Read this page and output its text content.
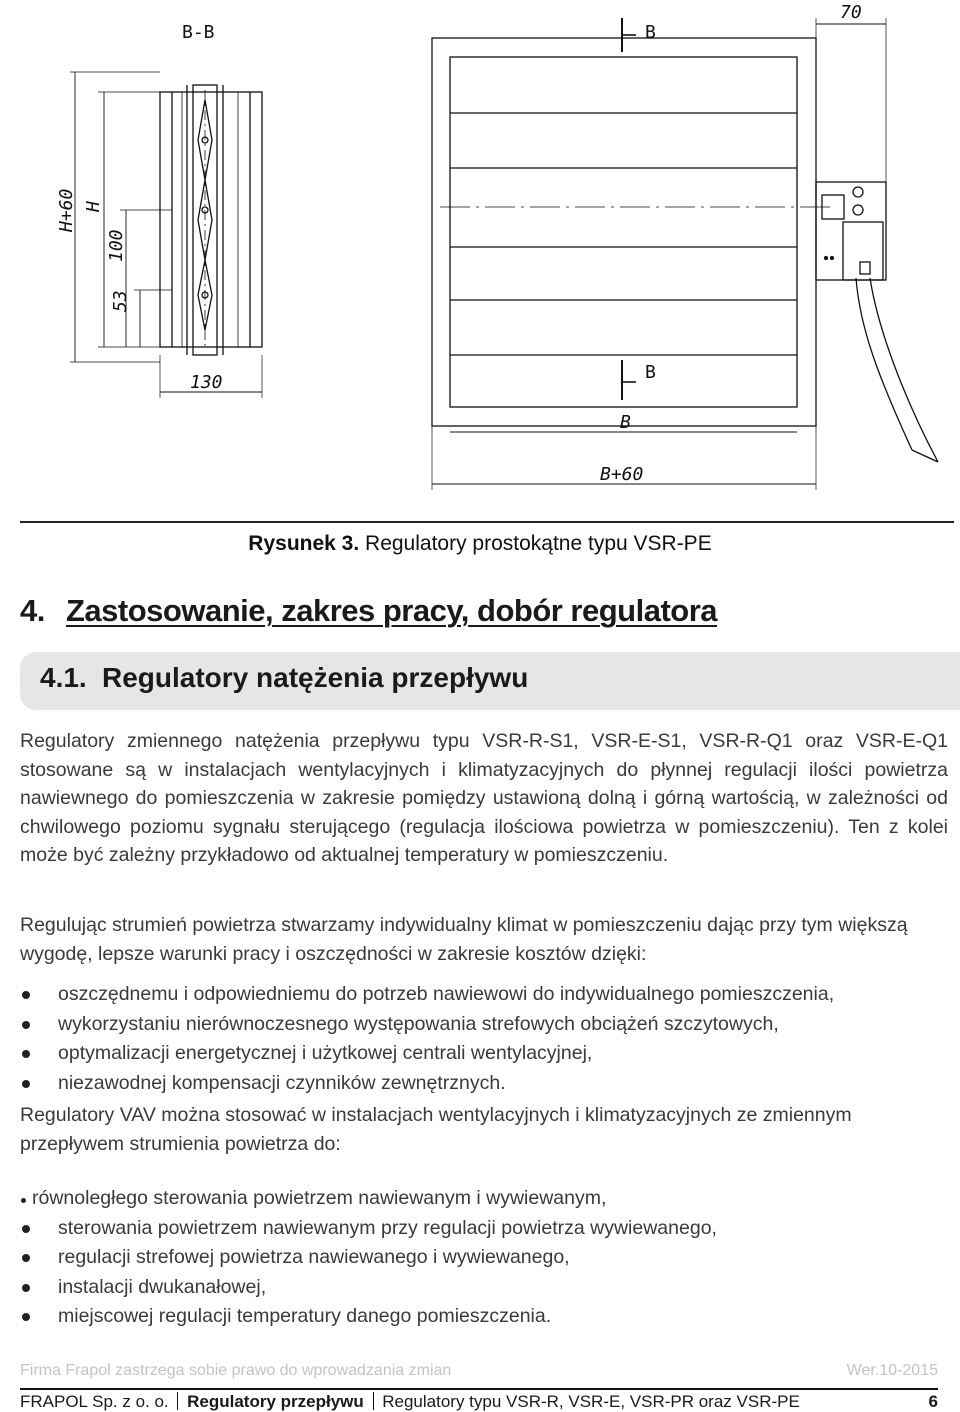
B-B	B
B
70
H+60 H
100
53
130
B
B+60
Rysunek 3. Regulatory prostokątne typu VSR-PE
4. Zastosowanie, zakres pracy, dobór regulatora
4.1. Regulatory natężenia przepływu

Regulatory zmiennego natężenia przepływu typu VSR-R-S1, VSR-E-S1, VSR-R-Q1 oraz VSR-E-Q1 stosowane są w instalacjach wentylacyjnych i klimatyzacyjnych do płynnej regulacji ilości powietrza nawiewnego do pomieszczenia w zakresie pomiędzy ustawioną dolną i górną wartością, w zależności od chwilowego poziomu sygnału sterującego (regulacja ilościowa powietrza w pomieszczeniu). Ten z kolei może być zależny przykładowo od aktualnej temperatury w pomieszczeniu.

Regulując strumień powietrza stwarzamy indywidualny klimat w pomieszczeniu dając przy tym większą wygodę, lepsze warunki pracy i oszczędności w zakresie kosztów dzięki:

oszczędnemu i odpowiedniemu do potrzeb nawiewowi do indywidualnego pomieszczenia,
wykorzystaniu nierównoczesnego występowania strefowych obciążeń szczytowych,
optymalizacji energetycznej i użytkowej centrali wentylacyjnej,
niezawodnej kompensacji czynników zewnętrznych.

Regulatory VAV można stosować w instalacjach wentylacyjnych i klimatyzacyjnych ze zmiennym przepływem strumienia powietrza do:

równoległego sterowania powietrzem nawiewanym i wywiewanym,
sterowania powietrzem nawiewanym przy regulacji powietrza wywiewanego,
regulacji strefowej powietrza nawiewanego i wywiewanego,
instalacji dwukanałowej,
miejscowej regulacji temperatury danego pomieszczenia.
Firma Frapol zastrzega sobie prawo do wprowadzania zmian	Wer.10-2015
FRAPOL Sp. z o. o. Regulatory przepływu Regulatory typu VSR-R, VSR-E, VSR-PR oraz VSR-PE	6
